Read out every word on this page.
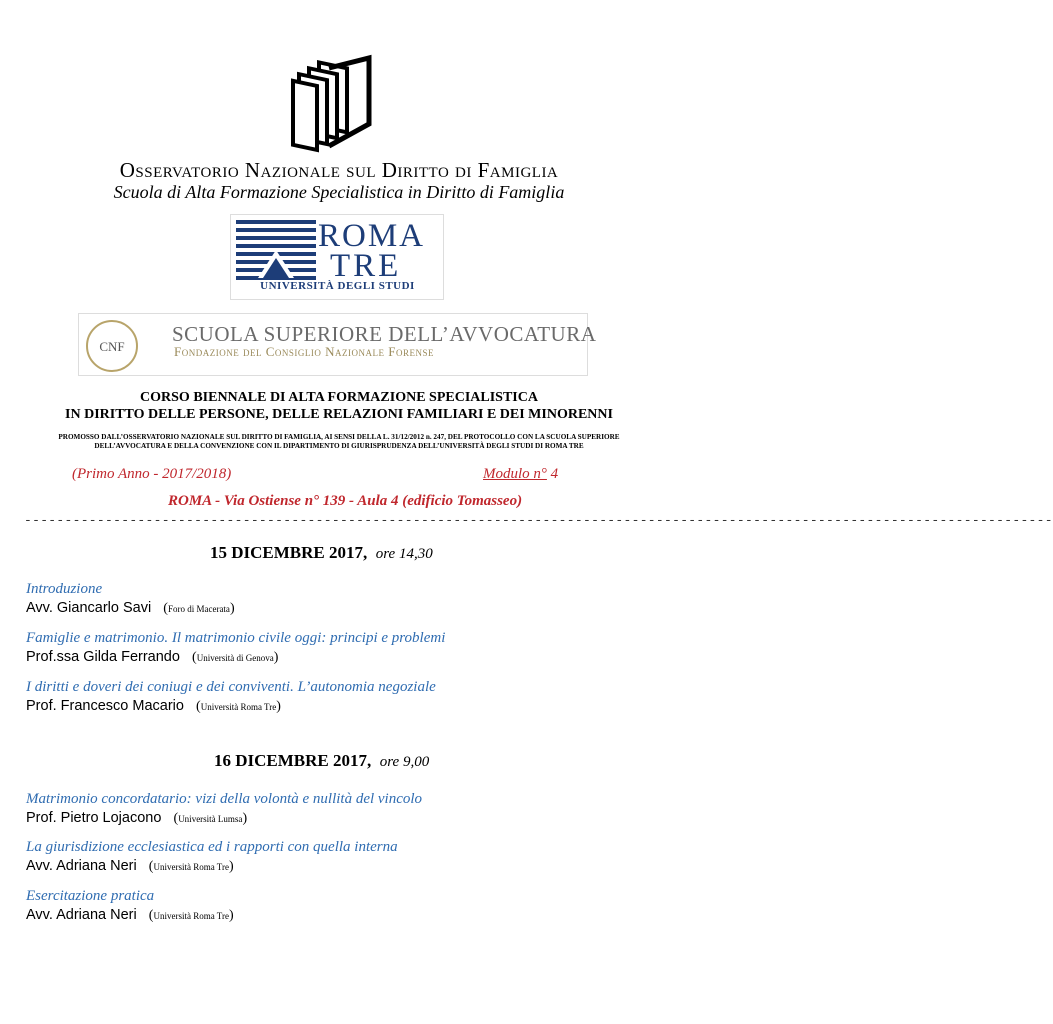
Osservatorio Nazionale sul Diritto di Famiglia
Scuola di Alta Formazione Specialistica in Diritto di Famiglia
ROMA
TRE
UNIVERSITÀ DEGLI STUDI
CNF
SCUOLA SUPERIORE DELL’AVVOCATURA
Fondazione del Consiglio Nazionale Forense
CORSO BIENNALE DI ALTA FORMAZIONE SPECIALISTICA
IN DIRITTO DELLE PERSONE, DELLE RELAZIONI FAMILIARI E DEI MINORENNI
PROMOSSO DALL’OSSERVATORIO NAZIONALE SUL DIRITTO DI FAMIGLIA, AI SENSI DELLA L. 31/12/2012 n. 247, DEL PROTOCOLLO CON LA SCUOLA SUPERIORE DELL’AVVOCATURA E DELLA CONVENZIONE CON IL DIPARTIMENTO DI GIURISPRUDENZA DELL’UNIVERSITÀ DEGLI STUDI DI ROMA TRE
(Primo Anno - 2017/2018)	Modulo n° 4
ROMA - Via Ostiense n° 139 - Aula 4 (edificio Tomasseo)
-------------------------------------------------------------------------------------------------------------------------------
15 DICEMBRE 2017,  ore 14,30
Introduzione
Avv. Giancarlo Savi (Foro di Macerata)
Famiglie e matrimonio. Il matrimonio civile oggi: principi e problemi
Prof.ssa Gilda Ferrando (Università di Genova)
I diritti e doveri dei coniugi e dei conviventi. L’autonomia negoziale
Prof. Francesco Macario (Università Roma Tre)
16 DICEMBRE 2017,  ore 9,00
Matrimonio concordatario: vizi della volontà e nullità del vincolo
Prof. Pietro Lojacono (Università Lumsa)
La giurisdizione ecclesiastica ed i rapporti con quella interna
Avv. Adriana Neri (Università Roma Tre)
Esercitazione pratica
Avv. Adriana Neri (Università Roma Tre)
